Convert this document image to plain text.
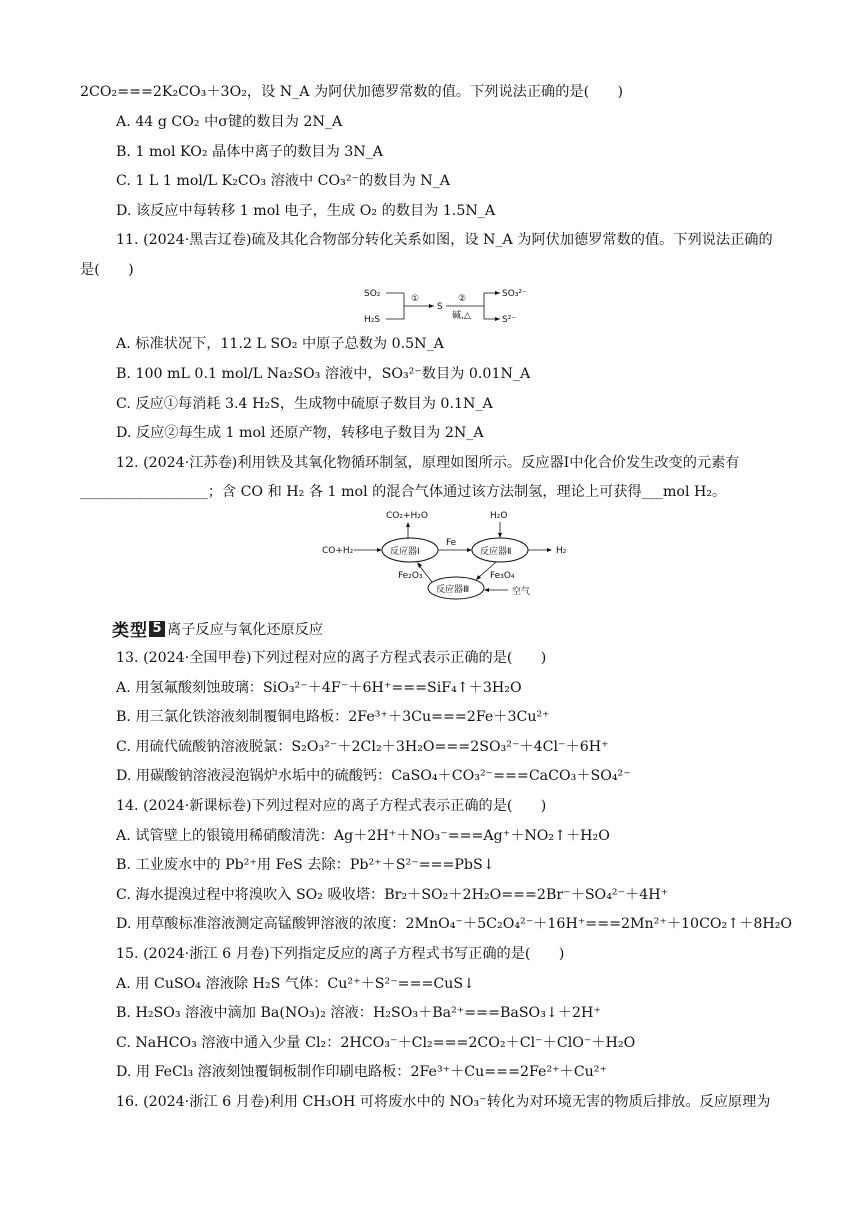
2CO₂===2K₂CO₃＋3O₂，设 N_A 为阿伏加德罗常数的值。下列说法正确的是(　　)
A. 44 g CO₂ 中σ键的数目为 2N_A
B. 1 mol KO₂ 晶体中离子的数目为 3N_A
C. 1 L 1 mol/L K₂CO₃ 溶液中 CO₃²⁻的数目为 N_A
D. 该反应中每转移 1 mol 电子，生成 O₂ 的数目为 1.5N_A
11. (2024·黑吉辽卷)硫及其化合物部分转化关系如图，设 N_A 为阿伏加德罗常数的值。下列说法正确的
是(　　)
SO₂
H₂S
①
S
②
碱,△
SO₃²⁻
S²⁻
A. 标准状况下，11.2 L SO₂ 中原子总数为 0.5N_A
B. 100 mL 0.1 mol/L Na₂SO₃ 溶液中，SO₃²⁻数目为 0.01N_A
C. 反应①每消耗 3.4 H₂S，生成物中硫原子数目为 0.1N_A
D. 反应②每生成 1 mol 还原产物，转移电子数目为 2N_A
12. (2024·江苏卷)利用铁及其氧化物循环制氢，原理如图所示。反应器Ⅰ中化合价发生改变的元素有
__________________；含 CO 和 H₂ 各 1 mol 的混合气体通过该方法制氢，理论上可获得___mol H₂。
CO₂+H₂O
CO+H₂	反应器Ⅰ
Fe
反应器Ⅱ
H₂O
H₂
Fe₃O₄
反应器Ⅲ	空气
Fe₂O₃
类型 5 离子反应与氧化还原反应
13. (2024·全国甲卷)下列过程对应的离子方程式表示正确的是(　　)
A. 用氢氟酸刻蚀玻璃：SiO₃²⁻＋4F⁻＋6H⁺===SiF₄↑＋3H₂O
B. 用三氯化铁溶液刻制覆铜电路板：2Fe³⁺＋3Cu===2Fe＋3Cu²⁺
C. 用硫代硫酸钠溶液脱氯：S₂O₃²⁻＋2Cl₂＋3H₂O===2SO₃²⁻＋4Cl⁻＋6H⁺
D. 用碳酸钠溶液浸泡锅炉水垢中的硫酸钙：CaSO₄＋CO₃²⁻===CaCO₃＋SO₄²⁻
14. (2024·新课标卷)下列过程对应的离子方程式表示正确的是(　　)
A. 试管壁上的银镜用稀硝酸清洗：Ag＋2H⁺＋NO₃⁻===Ag⁺＋NO₂↑＋H₂O
B. 工业废水中的 Pb²⁺用 FeS 去除：Pb²⁺＋S²⁻===PbS↓
C. 海水提溴过程中将溴吹入 SO₂ 吸收塔：Br₂＋SO₂＋2H₂O===2Br⁻＋SO₄²⁻＋4H⁺
D. 用草酸标准溶液测定高锰酸钾溶液的浓度：2MnO₄⁻＋5C₂O₄²⁻＋16H⁺===2Mn²⁺＋10CO₂↑＋8H₂O
15. (2024·浙江 6 月卷)下列指定反应的离子方程式书写正确的是(　　)
A. 用 CuSO₄ 溶液除 H₂S 气体：Cu²⁺＋S²⁻===CuS↓
B. H₂SO₃ 溶液中滴加 Ba(NO₃)₂ 溶液：H₂SO₃＋Ba²⁺===BaSO₃↓＋2H⁺
C. NaHCO₃ 溶液中通入少量 Cl₂：2HCO₃⁻＋Cl₂===2CO₂＋Cl⁻＋ClO⁻＋H₂O
D. 用 FeCl₃ 溶液刻蚀覆铜板制作印刷电路板：2Fe³⁺＋Cu===2Fe²⁺＋Cu²⁺
16. (2024·浙江 6 月卷)利用 CH₃OH 可将废水中的 NO₃⁻转化为对环境无害的物质后排放。反应原理为
